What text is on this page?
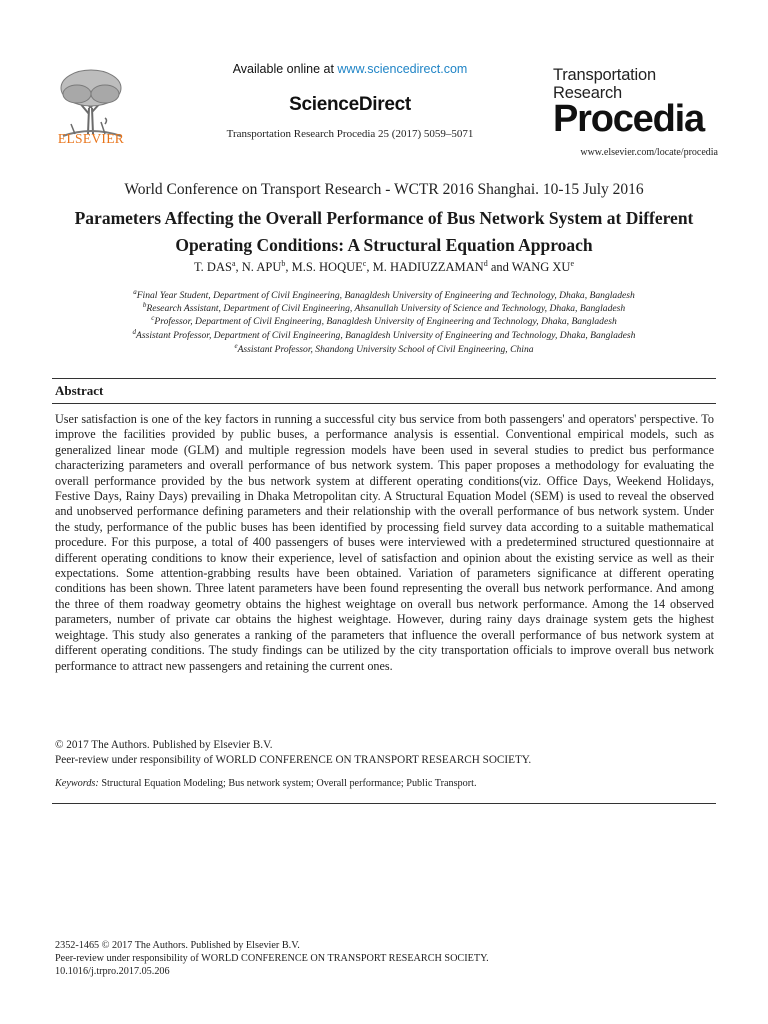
ELSEVIER
Available online at www.sciencedirect.com
ScienceDirect
Transportation Research Procedia 25 (2017) 5059–5071
Transportation
Research
Procedia
www.elsevier.com/locate/procedia
World Conference on Transport Research - WCTR 2016 Shanghai. 10-15 July 2016
Parameters Affecting the Overall Performance of Bus Network System at Different
Operating Conditions: A Structural Equation Approach
T. DAS$^a$, N. APU$^b$, M.S. HOQUE$^c$, M. HADIUZZAMAN$^d$ and WANG $XU^e$
$^a$Final Year Student, Department of Civil Engineering, Banagldesh University of Engineering and Technology, Dhaka, Bangladesh
$^b$Research Assistant, Department of Civil Engineering, Ahsanullah University of Science and Technology, Dhaka, Bangladesh
$^c$Professor, Department of Civil Engineering, Banagldesh University of Engineering and Technology, Dhaka, Bangladesh
$^d$Assistant Professor, Department of Civil Engineering, Banagldesh University of Engineering and Technology, Dhaka, Bangladesh
$^e$Assistant Professor, Shandong University School of Civil Engineering, China
Abstract
User satisfaction is one of the key factors in running a successful city bus service from both passengers' and operators' perspective. To improve the facilities provided by public buses, a performance analysis is essential. Conventional empirical models, such as generalized linear mode (GLM) and multiple regression models have been used in several studies to predict bus performance characterizing parameters and overall performance of bus network system. This paper proposes a methodology for evaluating the overall performance provided by the bus network system at different operating conditions(viz. Office Days, Weekend Holidays, Festive Days, Rainy Days) prevailing in Dhaka Metropolitan city. A Structural Equation Model (SEM) is used to reveal the observed and unobserved performance defining parameters and their relationship with the overall performance of bus network system. Under the study, performance of the public buses has been identified by processing field survey data according to a suitable mathematical procedure. For this purpose, a total of 400 passengers of buses were interviewed with a predetermined structured questionnaire at different operating conditions to know their experience, level of satisfaction and opinion about the existing service as well as their expectations. Some attention-grabbing results have been obtained. Variation of parameters significance at different operating conditions has been shown. Three latent parameters have been found representing the overall bus network performance. And among the three of them roadway geometry obtains the highest weightage on overall bus network performance. Among the 14 observed parameters, number of private car obtains the highest weightage. However, during rainy days drainage system gets the highest weightage. This study also generates a ranking of the parameters that influence the overall performance of bus network system at different operating conditions. The study findings can be utilized by the city transportation officials to improve overall bus network performance to attract new passengers and retaining the current ones.
© 2017 The Authors. Published by Elsevier B.V.
Peer-review under responsibility of WORLD CONFERENCE ON TRANSPORT RESEARCH SOCIETY.
Keywords: Structural Equation Modeling; Bus network system; Overall performance; Public Transport.
2352-1465 © 2017 The Authors. Published by Elsevier B.V.
Peer-review under responsibility of WORLD CONFERENCE ON TRANSPORT RESEARCH SOCIETY.
10.1016/j.trpro.2017.05.206
